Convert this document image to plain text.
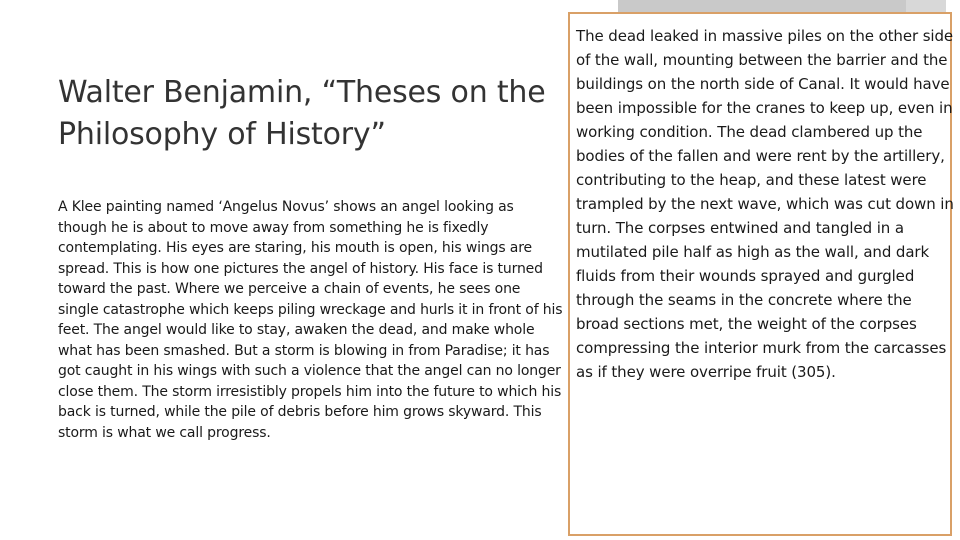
Walter Benjamin, “Theses on the Philosophy of History”

A Klee painting named ‘Angelus Novus’ shows an angel looking as though he is about to move away from something he is fixedly contemplating. His eyes are staring, his mouth is open, his wings are spread. This is how one pictures the angel of history. His face is turned toward the past. Where we perceive a chain of events, he sees one single catastrophe which keeps piling wreckage and hurls it in front of his feet. The angel would like to stay, awaken the dead, and make whole what has been smashed. But a storm is blowing in from Paradise; it has got caught in his wings with such a violence that the angel can no longer close them. The storm irresistibly propels him into the future to which his back is turned, while the pile of debris before him grows skyward. This storm is what we call progress.

The dead leaked in massive piles on the other side of the wall, mounting between the barrier and the buildings on the north side of Canal. It would have been impossible for the cranes to keep up, even in working condition. The dead clambered up the bodies of the fallen and were rent by the artillery, contributing to the heap, and these latest were trampled by the next wave, which was cut down in turn. The corpses entwined and tangled in a mutilated pile half as high as the wall, and dark fluids from their wounds sprayed and gurgled through the seams in the concrete where the broad sections met, the weight of the corpses compressing the interior murk from the carcasses as if they were overripe fruit (305).
